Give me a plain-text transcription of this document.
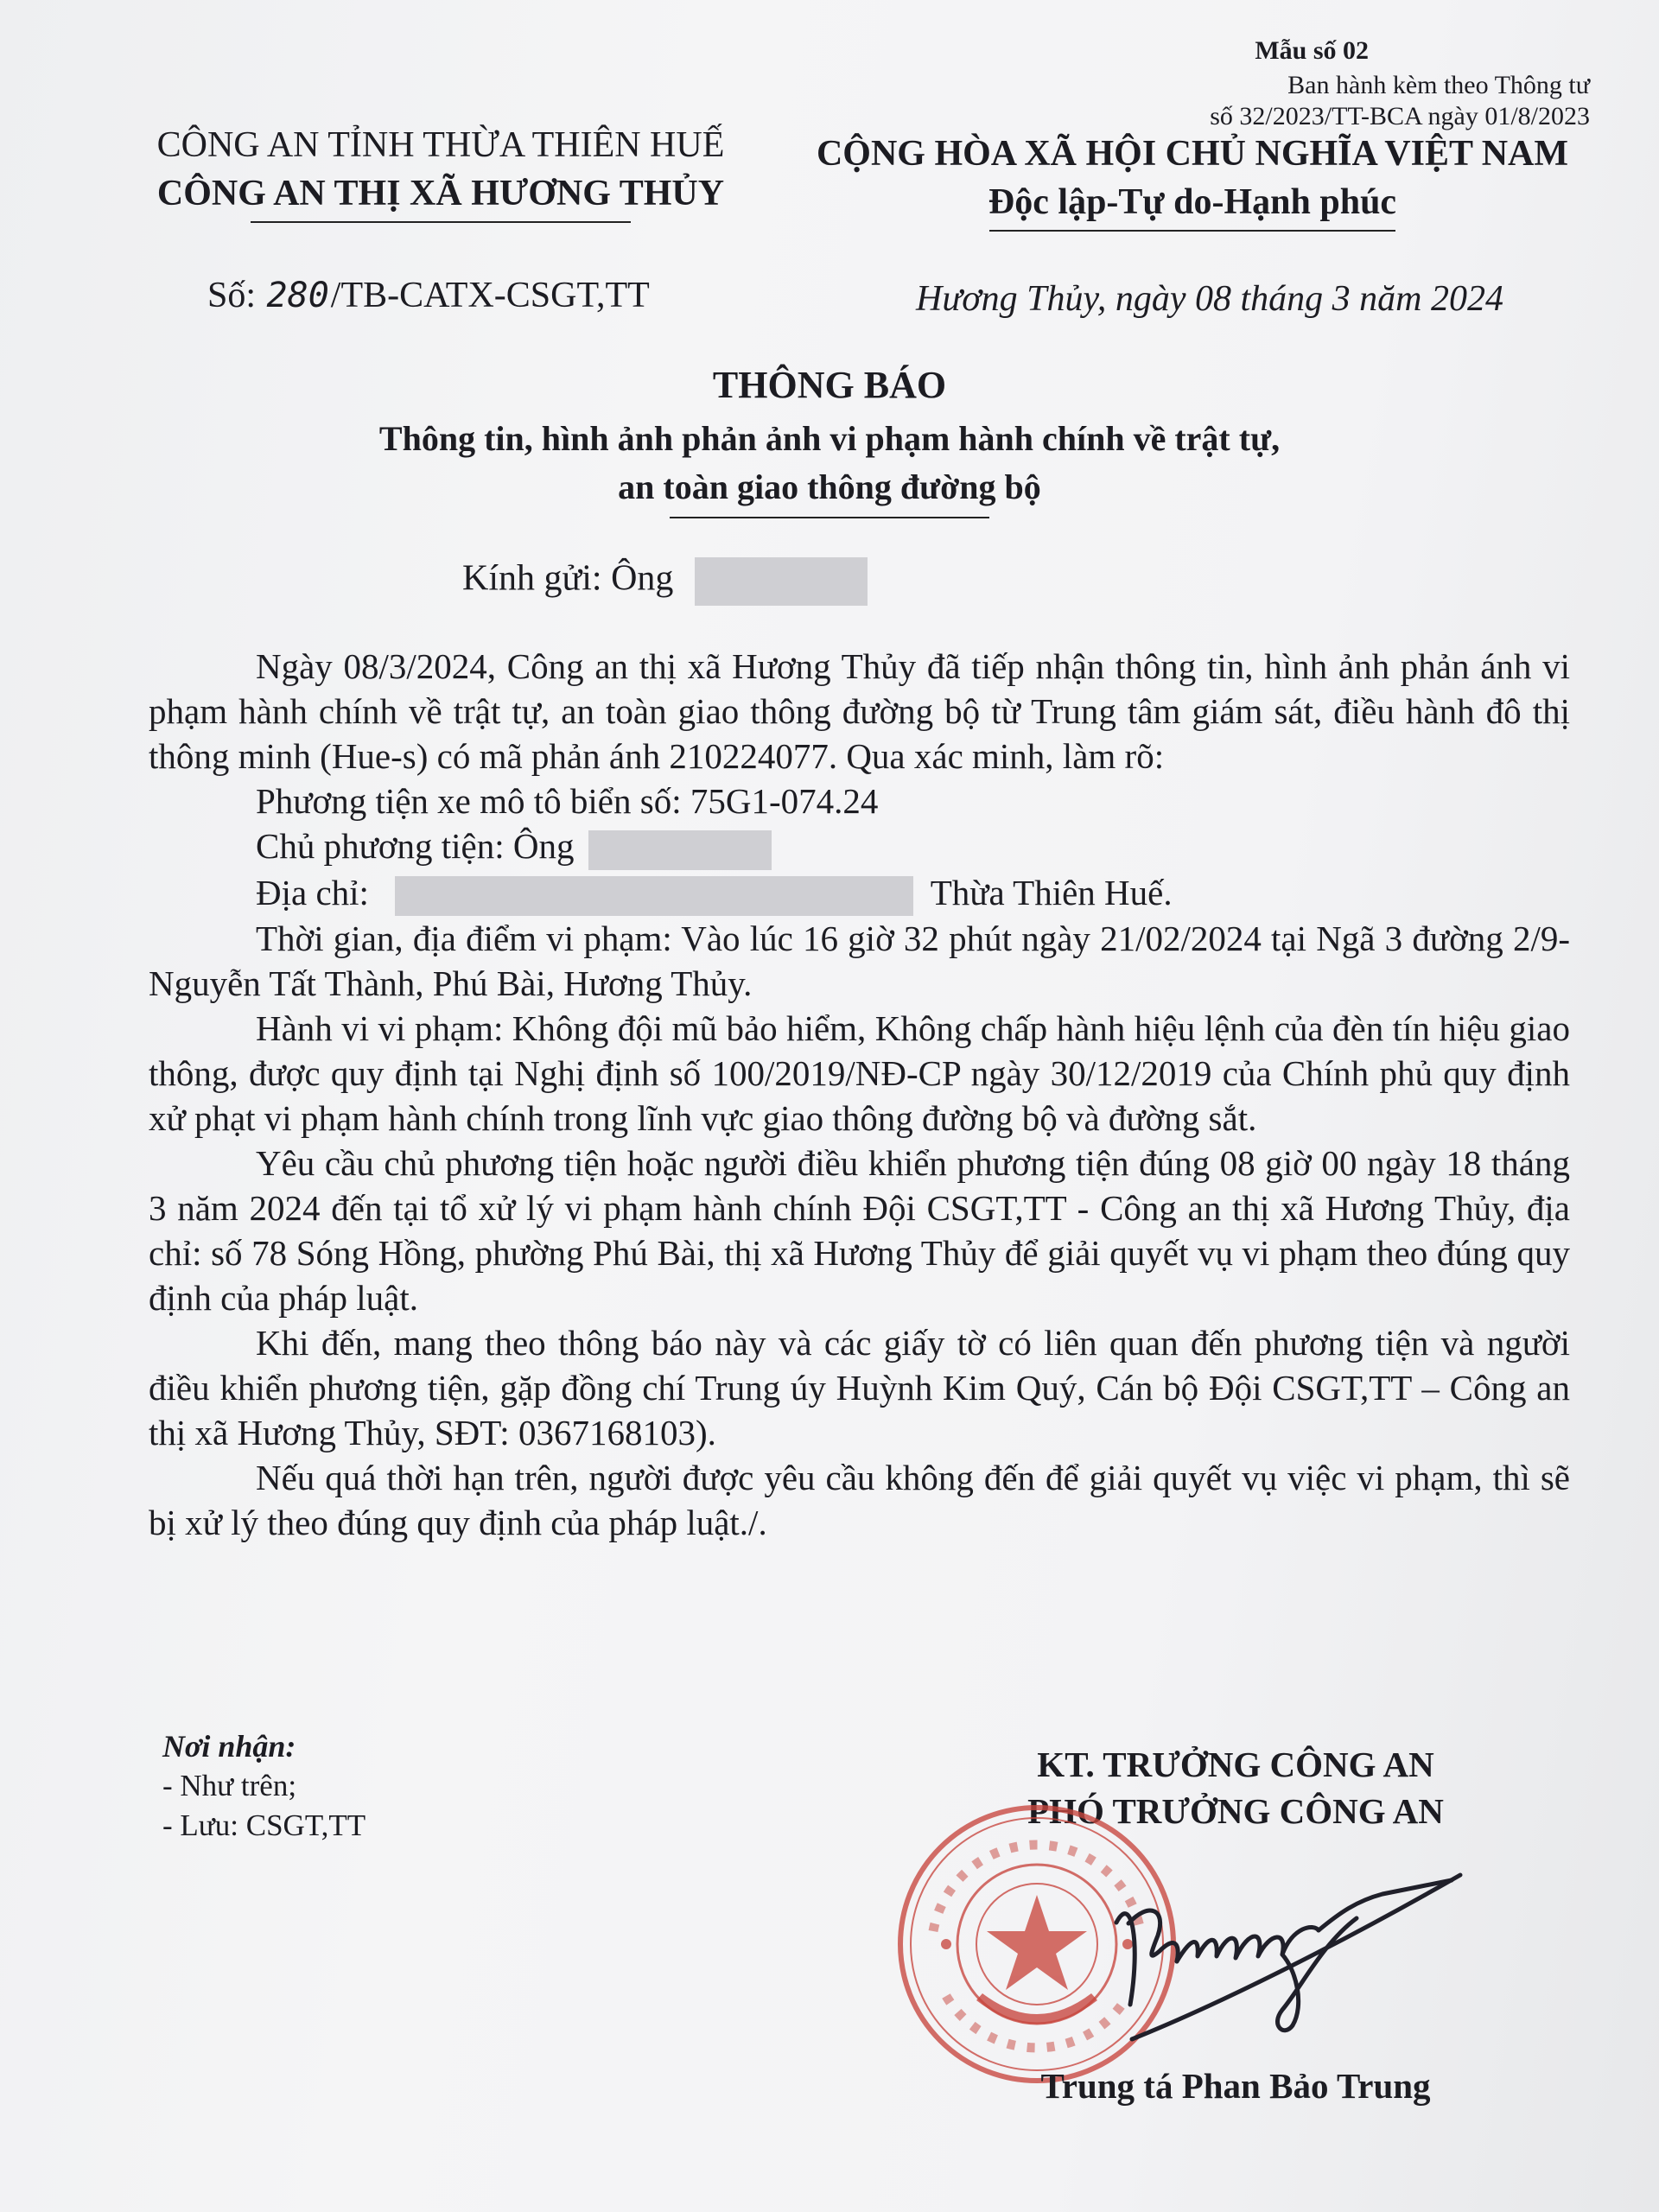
Mẫu số 02
Ban hành kèm theo Thông tư
số 32/2023/TT-BCA ngày 01/8/2023
CÔNG AN TỈNH THỪA THIÊN HUẾ
CÔNG AN THỊ XÃ HƯƠNG THỦY
CỘNG HÒA XÃ HỘI CHỦ NGHĨA VIỆT NAM
Độc lập-Tự do-Hạnh phúc
Số: 280/TB-CATX-CSGT,TT	Hương Thủy, ngày 08 tháng 3 năm 2024
THÔNG BÁO
Thông tin, hình ảnh phản ảnh vi phạm hành chính về trật tự,
an toàn giao thông đường bộ
Kính gửi: Ông

Ngày 08/3/2024, Công an thị xã Hương Thủy đã tiếp nhận thông tin, hình ảnh phản ánh vi phạm hành chính về trật tự, an toàn giao thông đường bộ từ Trung tâm giám sát, điều hành đô thị thông minh (Hue-s) có mã phản ánh 210224077. Qua xác minh, làm rõ:

Phương tiện xe mô tô biển số: 75G1-074.24

Chủ phương tiện: Ông

Địa chỉ:	Thừa Thiên Huế.

Thời gian, địa điểm vi phạm: Vào lúc 16 giờ 32 phút ngày 21/02/2024 tại Ngã 3 đường 2/9- Nguyễn Tất Thành, Phú Bài, Hương Thủy.

Hành vi vi phạm: Không đội mũ bảo hiểm, Không chấp hành hiệu lệnh của đèn tín hiệu giao thông, được quy định tại Nghị định số 100/2019/NĐ-CP ngày 30/12/2019 của Chính phủ quy định xử phạt vi phạm hành chính trong lĩnh vực giao thông đường bộ và đường sắt.

Yêu cầu chủ phương tiện hoặc người điều khiển phương tiện đúng 08 giờ 00 ngày 18 tháng 3 năm 2024 đến tại tổ xử lý vi phạm hành chính Đội CSGT,TT - Công an thị xã Hương Thủy, địa chỉ: số 78 Sóng Hồng, phường Phú Bài, thị xã Hương Thủy để giải quyết vụ vi phạm theo đúng quy định của pháp luật.

Khi đến, mang theo thông báo này và các giấy tờ có liên quan đến phương tiện và người điều khiển phương tiện, gặp đồng chí Trung úy Huỳnh Kim Quý, Cán bộ Đội CSGT,TT – Công an thị xã Hương Thủy, SĐT: 0367168103).

Nếu quá thời hạn trên, người được yêu cầu không đến để giải quyết vụ việc vi phạm, thì sẽ bị xử lý theo đúng quy định của pháp luật./.

Nơi nhận:
- Như trên;
- Lưu: CSGT,TT
KT. TRƯỞNG CÔNG AN
PHÓ TRƯỞNG CÔNG AN
Trung tá Phan Bảo Trung
